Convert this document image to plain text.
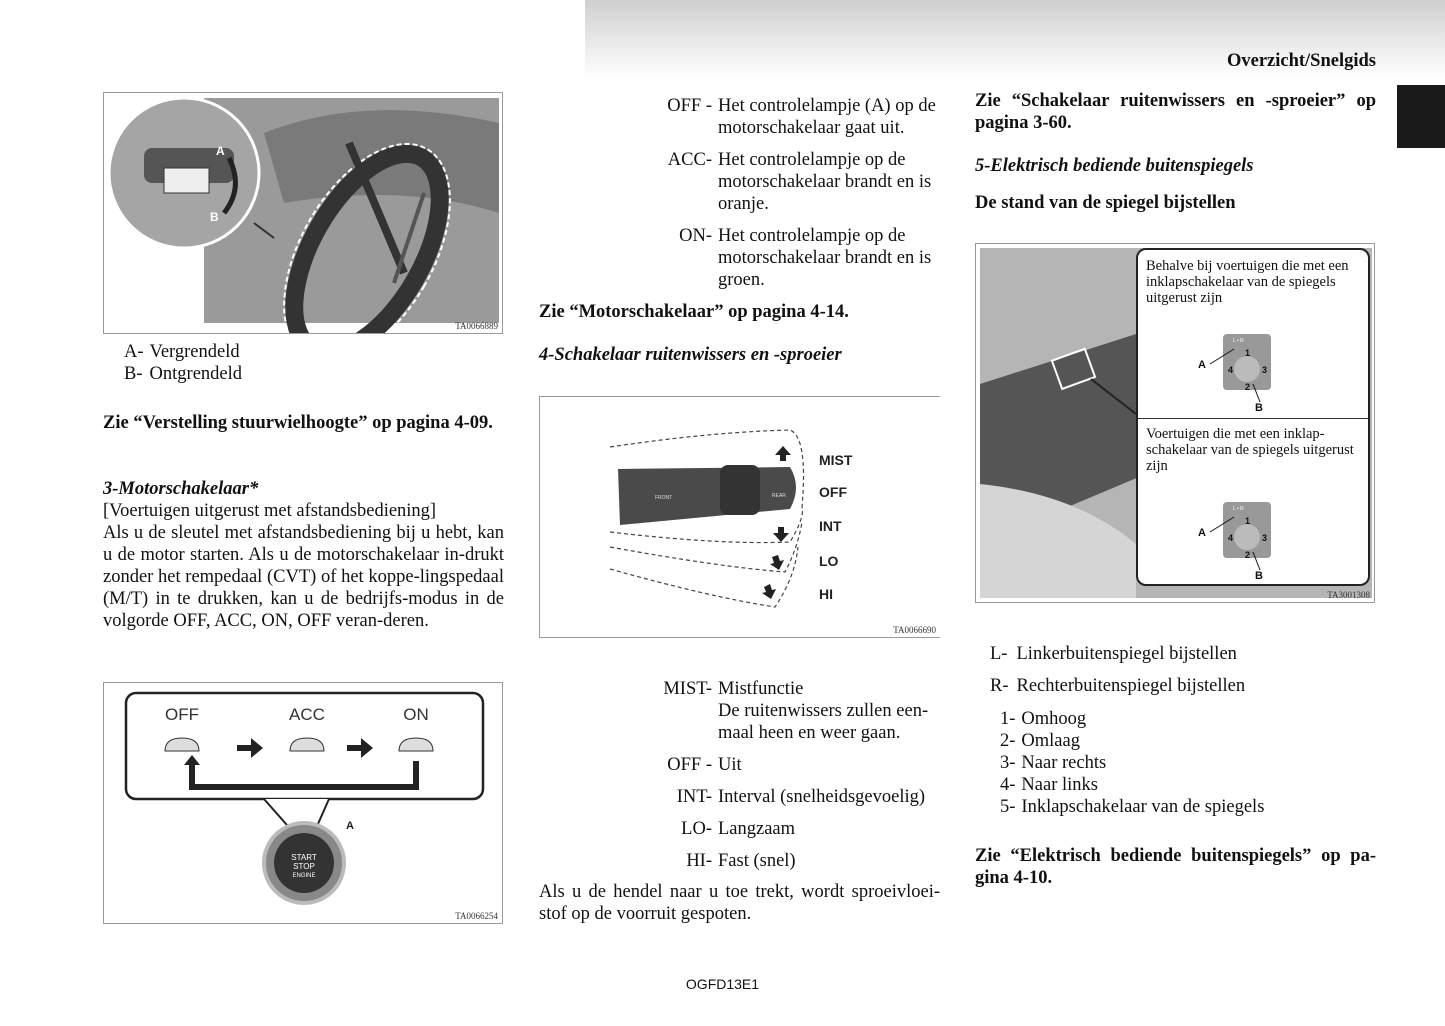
Overzicht/Snelgids
A
B
TA0066889
A- Vergrendeld
B- Ontgrendeld
Zie “Verstelling stuurwielhoogte” op pagina 4-09.
3-Motorschakelaar*
[Voertuigen uitgerust met afstandsbediening]
Als u de sleutel met afstandsbediening bij u hebt, kan u de motor starten. Als u de motorschakelaar in-drukt zonder het rempedaal (CVT) of het koppe-lingspedaal (M/T) in te drukken, kan u de bedrijfs-modus in de volgorde OFF, ACC, ON, OFF veran-deren.
OFF	ACC	ON
START
STOP
ENGINE
A
TA0066254
OFF - Het controlelampje (A) op de motorschakelaar gaat uit.
ACC- Het controlelampje op de motorschakelaar brandt en is oranje.
ON- Het controlelampje op de motorschakelaar brandt en is groen.
Zie “Motorschakelaar” op pagina 4-14.
4-Schakelaar ruitenwissers en -sproeier
FRONT	REAR
MIST
OFF
INT
LO
HI
TA0066690
MIST- Mistfunctie
De ruitenwissers zullen een-maal heen en weer gaan.
OFF - Uit
INT- Interval (snelheidsgevoelig)
LO- Langzaam
HI- Fast (snel)
Als u de hendel naar u toe trekt, wordt sproeivloei-stof op de voorruit gespoten.
Zie “Schakelaar ruitenwissers en -sproeier” op pagina 3-60.
5-Elektrisch bediende buitenspiegels
De stand van de spiegel bijstellen
Behalve bij voertuigen die met een inklapschakelaar van de spiegels uitgerust zijn
Voertuigen die met een inklap-schakelaar van de spiegels uitgerust zijn
L • R
1
2
3
4
A
B
L • R
1
2
3
4
A
B
TA3001308
L- Linkerbuitenspiegel bijstellen
R- Rechterbuitenspiegel bijstellen
1- Omhoog
2- Omlaag
3- Naar rechts
4- Naar links
5- Inklapschakelaar van de spiegels
Zie “Elektrisch bediende buitenspiegels” op pa-gina 4-10.
OGFD13E1
